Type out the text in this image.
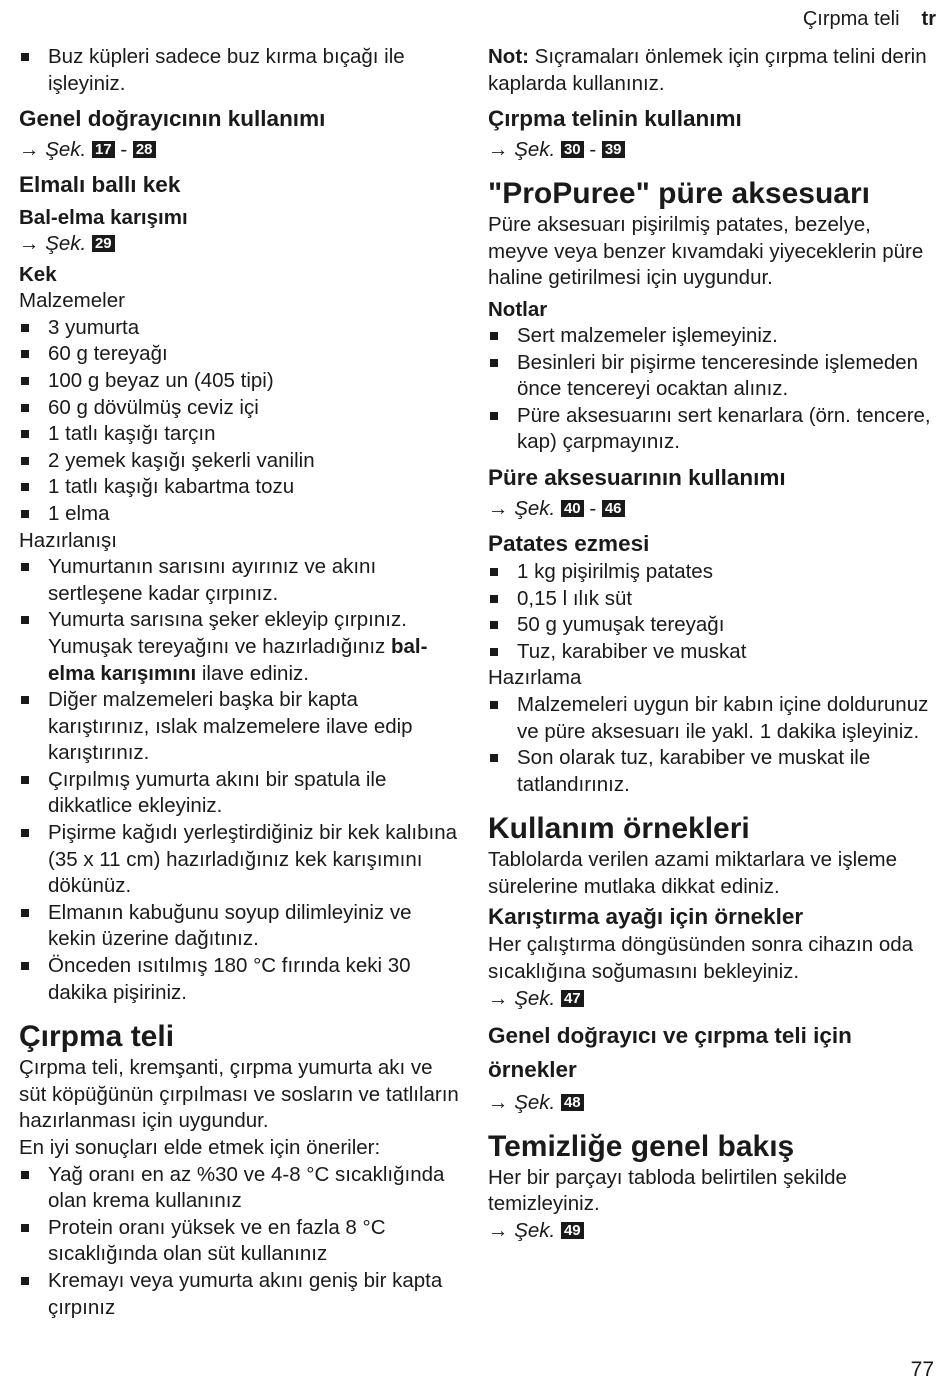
Çırpma teli tr
Buz küpleri sadece buz kırma bıçağı ile işleyiniz.
Genel doğrayıcının kullanımı
→ Şek. 17 - 28
Elmalı ballı kek
Bal-elma karışımı
→ Şek. 29
Kek

Malzemeler

3 yumurta
60 g tereyağı
100 g beyaz un (405 tipi)
60 g dövülmüş ceviz içi
1 tatlı kaşığı tarçın
2 yemek kaşığı şekerli vanilin
1 tatlı kaşığı kabartma tozu
1 elma

Hazırlanışı

Yumurtanın sarısını ayırınız ve akını sertleşene kadar çırpınız.
Yumurta sarısına şeker ekleyip çırpınız. Yumuşak tereyağını ve hazırladığınız bal-elma karışımını ilave ediniz.
Diğer malzemeleri başka bir kapta karıştırınız, ıslak malzemelere ilave edip karıştırınız.
Çırpılmış yumurta akını bir spatula ile dikkatlice ekleyiniz.
Pişirme kağıdı yerleştirdiğiniz bir kek kalıbına (35 x 11 cm) hazırladığınız kek karışımını dökünüz.
Elmanın kabuğunu soyup dilimleyiniz ve kekin üzerine dağıtınız.
Önceden ısıtılmış 180 °C fırında keki 30 dakika pişiriniz.
Çırpma teli

Çırpma teli, kremşanti, çırpma yumurta akı ve süt köpüğünün çırpılması ve sosların ve tatlıların hazırlanması için uygundur.

En iyi sonuçları elde etmek için öneriler:

Yağ oranı en az %30 ve 4-8 °C sıcaklığında olan krema kullanınız
Protein oranı yüksek ve en fazla 8 °C sıcaklığında olan süt kullanınız
Kremayı veya yumurta akını geniş bir kapta çırpınız

Not: Sıçramaları önlemek için çırpma telini derin kaplarda kullanınız.

Çırpma telinin kullanımı
→ Şek. 30 - 39
"ProPuree" püre aksesuarı

Püre aksesuarı pişirilmiş patates, bezelye, meyve veya benzer kıvamdaki yiyeceklerin püre haline getirilmesi için uygundur.

Notlar
Sert malzemeler işlemeyiniz.
Besinleri bir pişirme tenceresinde işlemeden önce tencereyi ocaktan alınız.
Püre aksesuarını sert kenarlara (örn. tencere, kap) çarpmayınız.
Püre aksesuarının kullanımı
→ Şek. 40 - 46
Patates ezmesi
1 kg pişirilmiş patates
0,15 l ılık süt
50 g yumuşak tereyağı
Tuz, karabiber ve muskat

Hazırlama

Malzemeleri uygun bir kabın içine doldurunuz ve püre aksesuarı ile yakl. 1 dakika işleyiniz.
Son olarak tuz, karabiber ve muskat ile tatlandırınız.
Kullanım örnekleri

Tablolarda verilen azami miktarlara ve işleme sürelerine mutlaka dikkat ediniz.

Karıştırma ayağı için örnekler

Her çalıştırma döngüsünden sonra cihazın oda sıcaklığına soğumasını bekleyiniz.

→ Şek. 47
Genel doğrayıcı ve çırpma teli için örnekler
→ Şek. 48
Temizliğe genel bakış

Her bir parçayı tabloda belirtilen şekilde temizleyiniz.

→ Şek. 49
77
